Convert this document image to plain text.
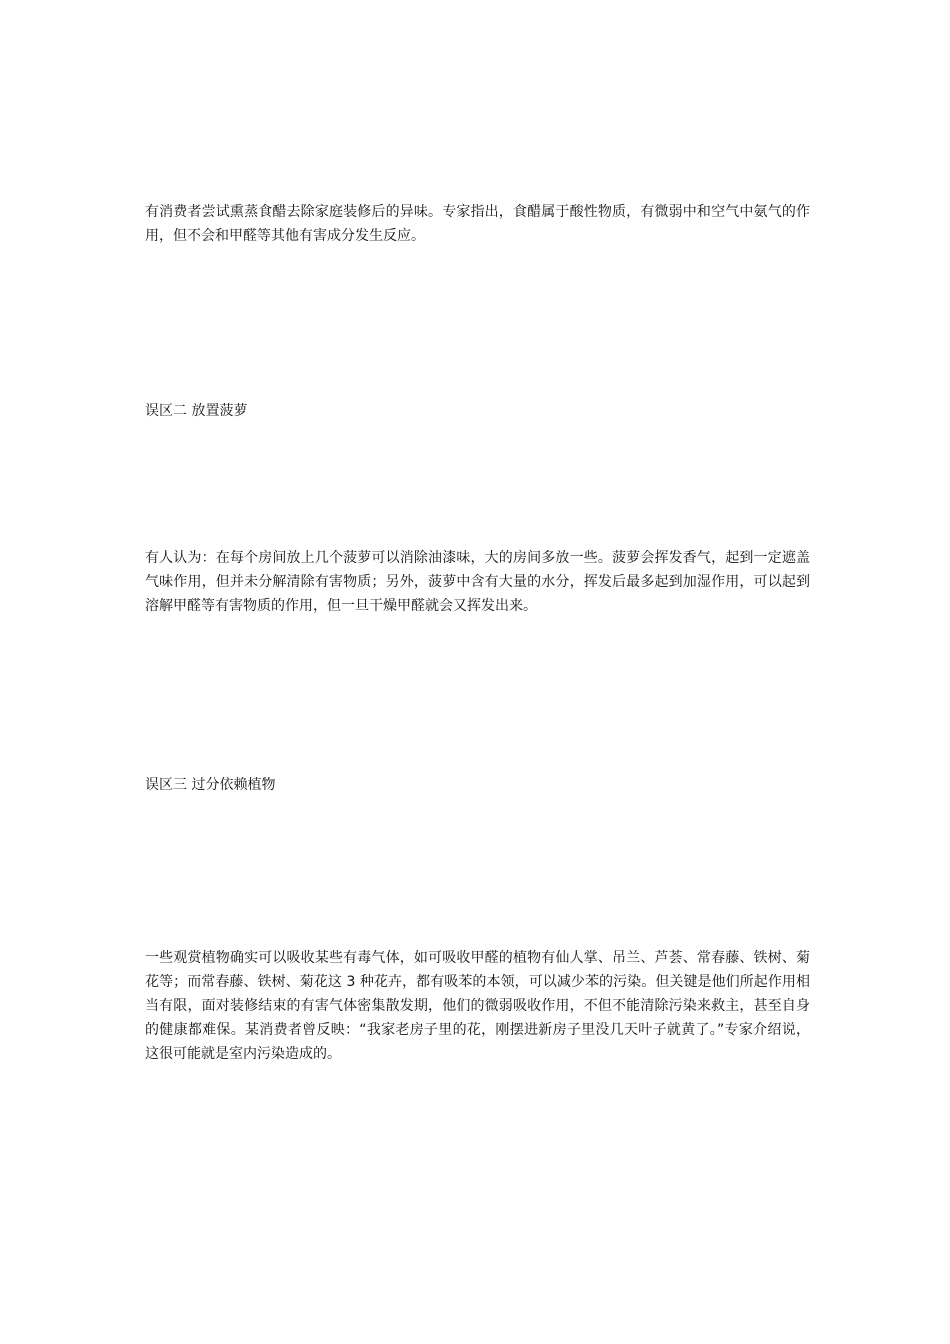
有消费者尝试熏蒸食醋去除家庭装修后的异味。专家指出，食醋属于酸性物质，有微弱中和空气中氨气的作用，但不会和甲醛等其他有害成分发生反应。

误区二 放置菠萝

有人认为：在每个房间放上几个菠萝可以消除油漆味，大的房间多放一些。菠萝会挥发香气，起到一定遮盖气味作用，但并未分解清除有害物质；另外，菠萝中含有大量的水分，挥发后最多起到加湿作用，可以起到溶解甲醛等有害物质的作用，但一旦干燥甲醛就会又挥发出来。

误区三 过分依赖植物

一些观赏植物确实可以吸收某些有毒气体，如可吸收甲醛的植物有仙人掌、吊兰、芦荟、常春藤、铁树、菊花等；而常春藤、铁树、菊花这 3 种花卉，都有吸苯的本领，可以减少苯的污染。但关键是他们所起作用相当有限，面对装修结束的有害气体密集散发期，他们的微弱吸收作用，不但不能清除污染来救主，甚至自身的健康都难保。某消费者曾反映：“我家老房子里的花，刚摆进新房子里没几天叶子就黄了。”专家介绍说，这很可能就是室内污染造成的。
